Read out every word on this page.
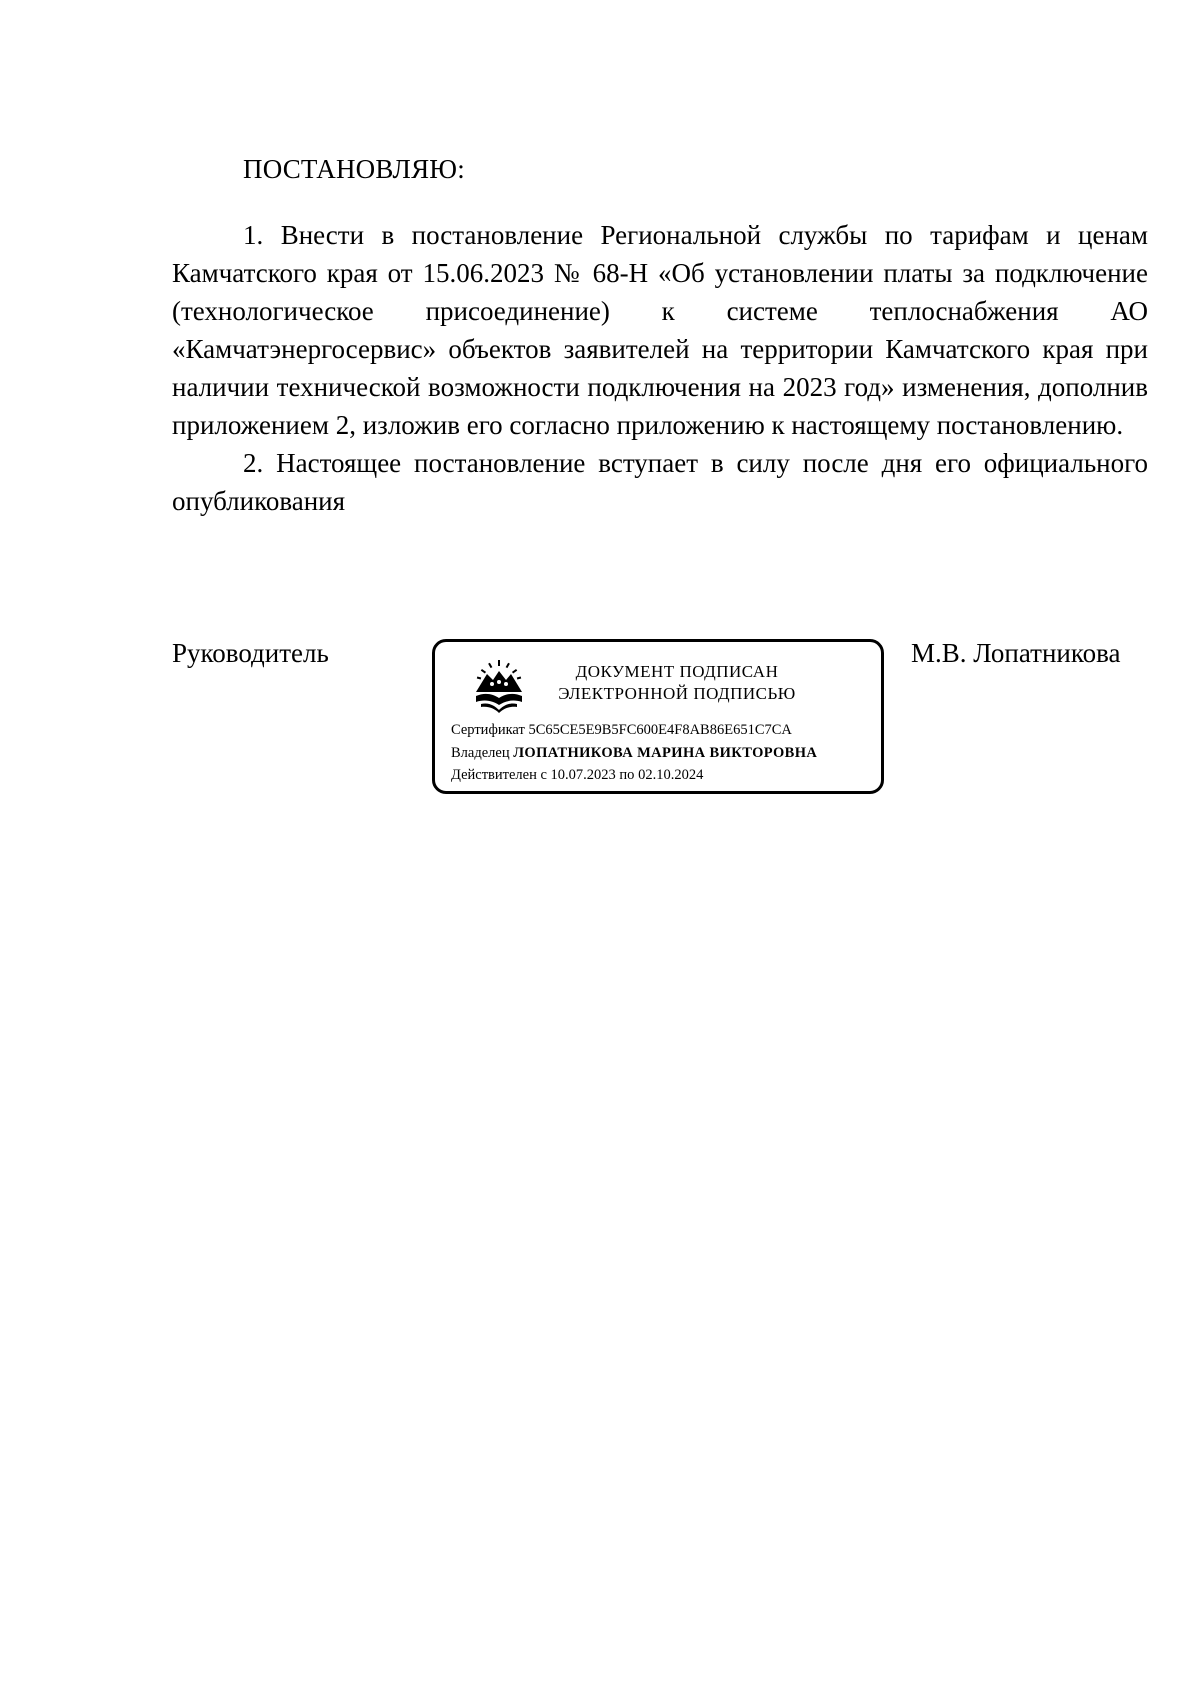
ПОСТАНОВЛЯЮ:

1. Внести в постановление Региональной службы по тарифам и ценам Камчатского края от 15.06.2023 № 68-Н «Об установлении платы за подключение (технологическое присоединение) к системе теплоснабжения АО «Камчатэнергосервис» объектов заявителей на территории Камчатского края при наличии технической возможности подключения на 2023 год» изменения, дополнив приложением 2, изложив его согласно приложению к настоящему постановлению.

2. Настоящее постановление вступает в силу после дня его официального опубликования

Руководитель	М.В. Лопатникова
ДОКУМЕНТ ПОДПИСАН
ЭЛЕКТРОННОЙ ПОДПИСЬЮ
Сертификат 5C65CE5E9B5FC600E4F8AB86E651C7CA
Владелец ЛОПАТНИКОВА МАРИНА ВИКТОРОВНА
Действителен с 10.07.2023 по 02.10.2024
